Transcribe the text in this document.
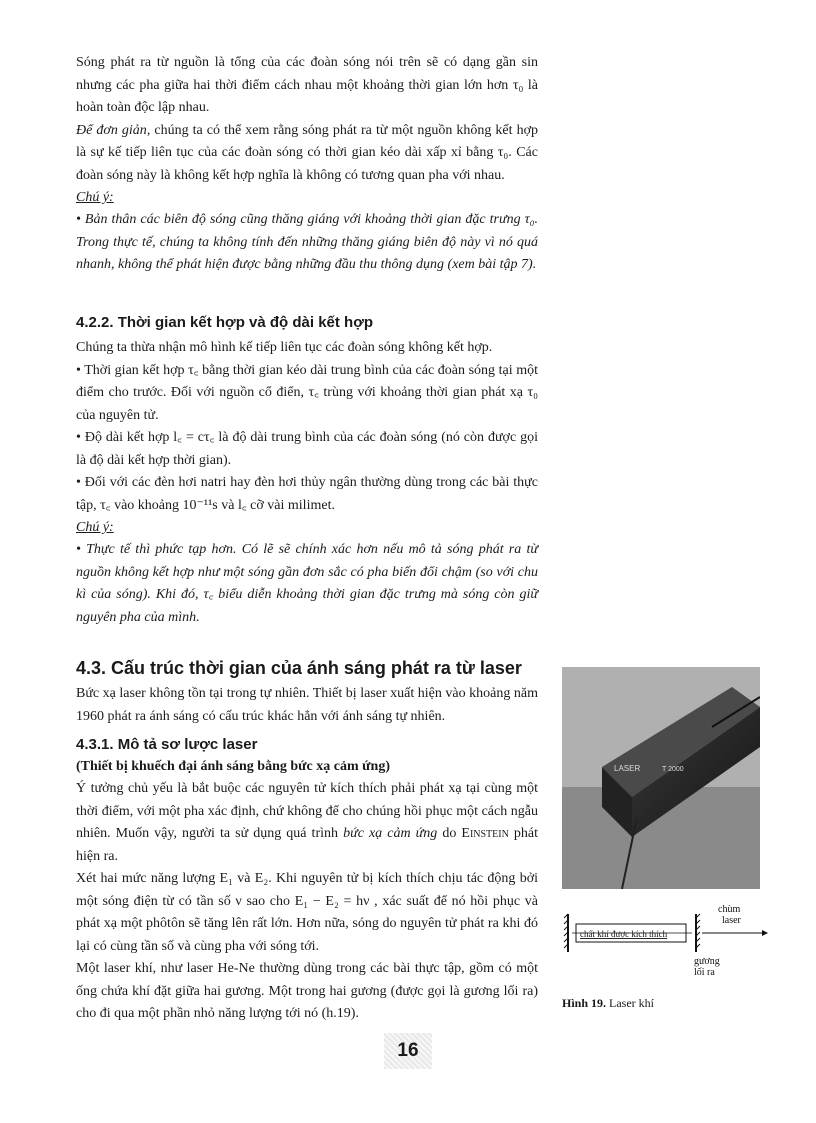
Sóng phát ra từ nguồn là tổng của các đoàn sóng nói trên sẽ có dạng gần sin nhưng các pha giữa hai thời điểm cách nhau một khoảng thời gian lớn hơn τ₀ là hoàn toàn độc lập nhau.

Để đơn giản, chúng ta có thể xem rằng sóng phát ra từ một nguồn không kết hợp là sự kế tiếp liên tục của các đoàn sóng có thời gian kéo dài xấp xỉ bằng τ₀. Các đoàn sóng này là không kết hợp nghĩa là không có tương quan pha với nhau.

Chú ý:

• Bản thân các biên độ sóng cũng thăng giáng với khoảng thời gian đặc trưng τ₀. Trong thực tế, chúng ta không tính đến những thăng giáng biên độ này vì nó quá nhanh, không thể phát hiện được bằng những đầu thu thông dụng (xem bài tập 7).

4.2.2. Thời gian kết hợp và độ dài kết hợp

Chúng ta thừa nhận mô hình kế tiếp liên tục các đoàn sóng không kết hợp.

• Thời gian kết hợp τ꜀ bằng thời gian kéo dài trung bình của các đoàn sóng tại một điểm cho trước. Đối với nguồn cổ điển, τ꜀ trùng với khoảng thời gian phát xạ τ₀ của nguyên tử.

• Độ dài kết hợp l꜀ = cτ꜀ là độ dài trung bình của các đoàn sóng (nó còn được gọi là độ dài kết hợp thời gian).

• Đối với các đèn hơi natri hay đèn hơi thủy ngân thường dùng trong các bài thực tập, τ꜀ vào khoảng 10⁻¹¹s và l꜀ cỡ vài milimet.

Chú ý:

• Thực tế thì phức tạp hơn. Có lẽ sẽ chính xác hơn nếu mô tả sóng phát ra từ nguồn không kết hợp như một sóng gần đơn sắc có pha biến đổi chậm (so với chu kì của sóng). Khi đó, τ꜀ biểu diễn khoảng thời gian đặc trưng mà sóng còn giữ nguyên pha của mình.

4.3. Cấu trúc thời gian của ánh sáng phát ra từ laser

Bức xạ laser không tồn tại trong tự nhiên. Thiết bị laser xuất hiện vào khoảng năm 1960 phát ra ánh sáng có cấu trúc khác hẳn với ánh sáng tự nhiên.

4.3.1. Mô tả sơ lược laser

(Thiết bị khuếch đại ánh sáng bằng bức xạ cảm ứng)

Ý tưởng chủ yếu là bắt buộc các nguyên tử kích thích phải phát xạ tại cùng một thời điểm, với một pha xác định, chứ không để cho chúng hồi phục một cách ngẫu nhiên. Muốn vậy, người ta sử dụng quá trình bức xạ cảm ứng do Einstein phát hiện ra.

Xét hai mức năng lượng E₁ và E₂. Khi nguyên tử bị kích thích chịu tác động bởi một sóng điện từ có tần số ν sao cho E₁ − E₂ = hν , xác suất để nó hồi phục và phát xạ một phôtôn sẽ tăng lên rất lớn. Hơn nữa, sóng do nguyên tử phát ra khi đó lại có cùng tần số và cùng pha với sóng tới.

Một laser khí, như laser He-Ne thường dùng trong các bài thực tập, gồm có một ống chứa khí đặt giữa hai gương. Một trong hai gương (được gọi là gương lối ra) cho đi qua một phần nhỏ năng lượng tới nó (h.19).

LASER	T 2000
chất khí được kích thích
chùm
laser
gương
lối ra
Hình 19. Laser khí
16
